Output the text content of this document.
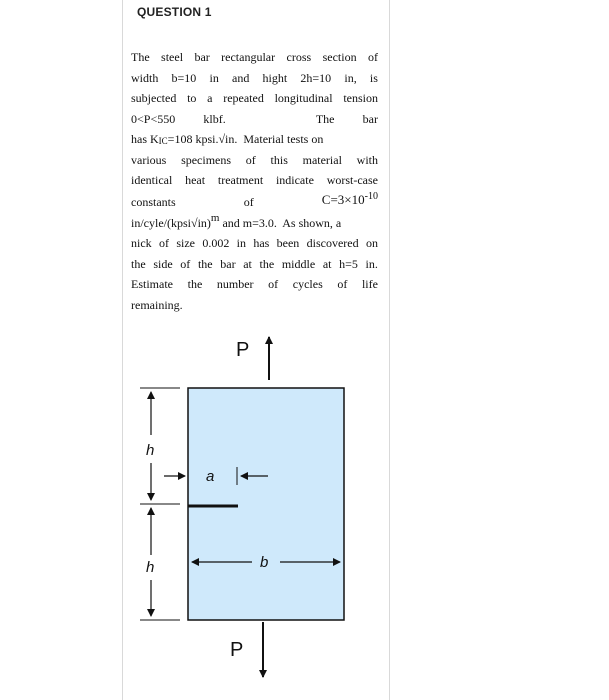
QUESTION 1
The steel bar rectangular cross section of
width b=10 in and hight 2h=10 in, is
subjected to a repeated longitudinal tension
0<P<550 klbf.	The bar
has K IC =108 kpsi.√in.  Material tests on
various specimens of this material with
identical heat treatment indicate worst-case
constants	of	$C=3\times 10^{-10}$
in/cyle/(kpsi√in) m and m=3.0.  As shown, a
nick of size 0.002 in has been discovered on
the side of the bar at the middle at h=5 in.
Estimate the number of cycles of life
remaining.
P
P
h
h
a
b
